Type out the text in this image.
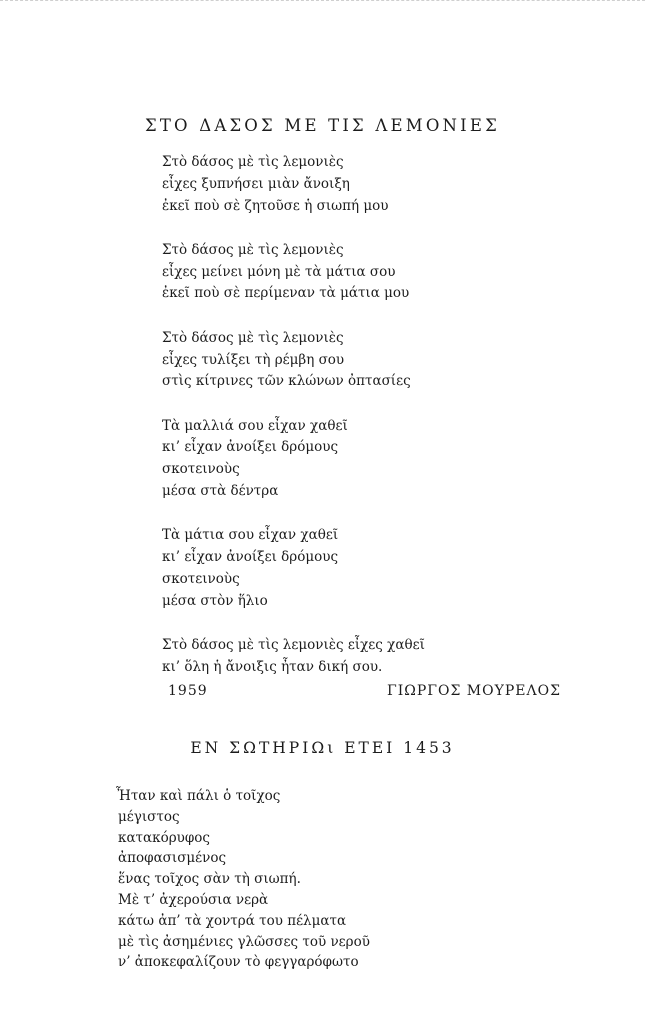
ΣΤΟ ΔΑΣΟΣ ΜΕ ΤΙΣ ΛΕΜΟΝΙΕΣ
Στὸ δάσος μὲ τὶς λεμονιὲς
εἶχες ξυπνήσει μιὰν ἄνοιξη
ἐκεῖ ποὺ σὲ ζητοῦσε ἡ σιωπή μου
Στὸ δάσος μὲ τὶς λεμονιὲς
εἶχες μείνει μόνη μὲ τὰ μάτια σου
ἐκεῖ ποὺ σὲ περίμεναν τὰ μάτια μου
Στὸ δάσος μὲ τὶς λεμονιὲς
εἶχες τυλίξει τὴ ρέμβη σου
στὶς κίτρινες τῶν κλώνων ὀπτασίες
Τὰ μαλλιά σου εἶχαν χαθεῖ
κι’ εἶχαν ἀνοίξει δρόμους
σκοτεινοὺς
μέσα στὰ δέντρα
Τὰ μάτια σου εἶχαν χαθεῖ
κι’ εἶχαν ἀνοίξει δρόμους
σκοτεινοὺς
μέσα στὸν ἥλιο
Στὸ δάσος μὲ τὶς λεμονιὲς εἶχες χαθεῖ
κι’ ὅλη ἡ ἄνοιξις ἦταν δική σου.
1959	ΓΙΩΡΓΟΣ ΜΟΥΡΕΛΟΣ
ΕΝ ΣΩΤΗΡΙΩι ΕΤΕΙ 1453
Ἦταν καὶ πάλι ὁ τοῖχος
μέγιστος
κατακόρυφος
ἀποφασισμένος
ἕνας τοῖχος σὰν τὴ σιωπή.
Μὲ τ’ ἀχερούσια νερὰ
κάτω ἀπ’ τὰ χοντρά του πέλματα
μὲ τὶς ἀσημένιες γλῶσσες τοῦ νεροῦ
ν’ ἀποκεφαλίζουν τὸ φεγγαρόφωτο
